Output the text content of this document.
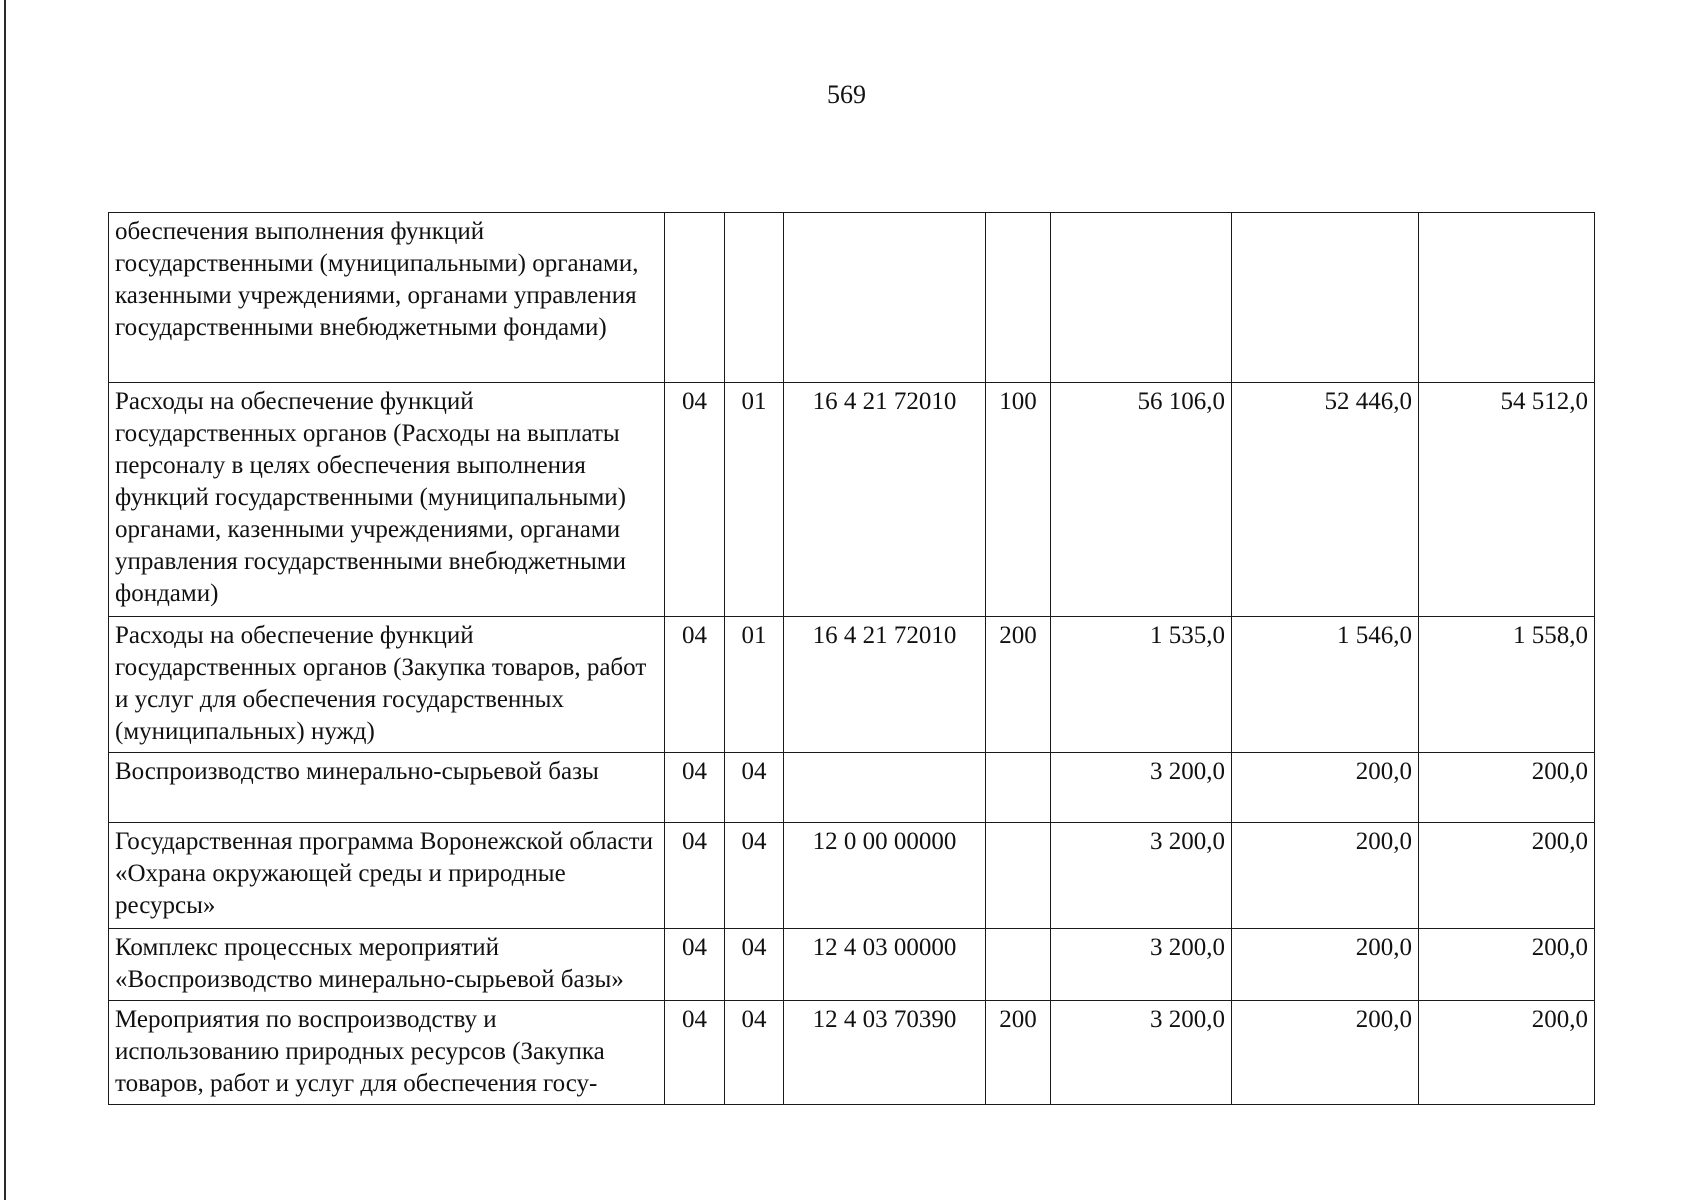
569
обеспечения выполнения функций государственными (муниципальными) органами, казенными учреждениями, органами управления государственными внебюджетными фондами)							
Расходы на обеспечение функций государственных органов (Расходы на выплаты персоналу в целях обеспечения выполнения функций государственными (муниципальными) органами, казенными учреждениями, органами управления государственными внебюджетными фондами)	04	01	16 4 21 72010	100	56 106,0	52 446,0	54 512,0
Расходы на обеспечение функций государственных органов (Закупка товаров, работ и услуг для обеспечения государственных (муниципальных) нужд)	04	01	16 4 21 72010	200	1 535,0	1 546,0	1 558,0
Воспроизводство минерально-сырьевой базы	04	04			3 200,0	200,0	200,0
Государственная программа Воронежской области «Охрана окружающей среды и природные ресурсы»	04	04	12 0 00 00000		3 200,0	200,0	200,0
Комплекс процессных мероприятий «Воспроизводство минерально-сырьевой базы»	04	04	12 4 03 00000		3 200,0	200,0	200,0
Мероприятия по воспроизводству и использованию природных ресурсов (Закупка товаров, работ и услуг для обеспечения госу-	04	04	12 4 03 70390	200	3 200,0	200,0	200,0
